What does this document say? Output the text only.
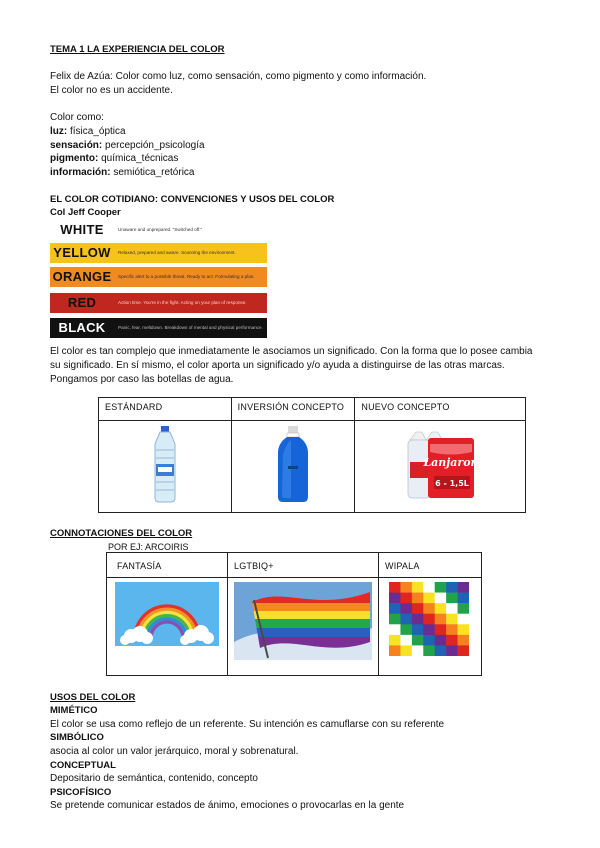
TEMA 1 LA EXPERIENCIA DEL COLOR
Felix de Azúa: Color como luz, como sensación, como pigmento y como información.
El color no es un accidente.
Color como:
luz: física_óptica
sensación: percepción_psicología
pigmento: química_técnicas
información: semiótica_retórica
EL COLOR COTIDIANO: CONVENCIONES Y USOS DEL COLOR
Col Jeff Cooper
WHITE	Unaware and unprepared. "Switched off."
YELLOW	Relaxed, prepared and aware. Scanning the environment.
ORANGE	Specific alert to a possible threat. Ready to act. Formulating a plan.
RED	Action time. You're in the fight. Acting on your plan of response.
BLACK	Panic, fear, meltdown. Breakdown of mental and physical performance.
El color es tan complejo que inmediatamente le asociamos un significado. Con la forma que lo posee cambia
su significado. En sí mismo, el color aporta un significado y/o ayuda a distinguirse de las otras marcas.
Pongamos por caso las botellas de agua.
ESTÁNDARD	INVERSIÓN CONCEPTO	NUEVO CONCEPTO

Lanjaron
6 - 1,5L
CONNOTACIONES DEL COLOR
POR EJ: ARCOIRIS
FANTASÍA	LGTBIQ+	WIPALA

USOS DEL COLOR
MIMÉTICO
El color se usa como reflejo de un referente. Su intención es camuflarse con su referente
SIMBÓLICO
asocia al color un valor jerárquico, moral y sobrenatural.
CONCEPTUAL
Depositario de semántica, contenido, concepto
PSICOFÍSICO
Se pretende comunicar estados de ánimo, emociones o provocarlas en la gente
